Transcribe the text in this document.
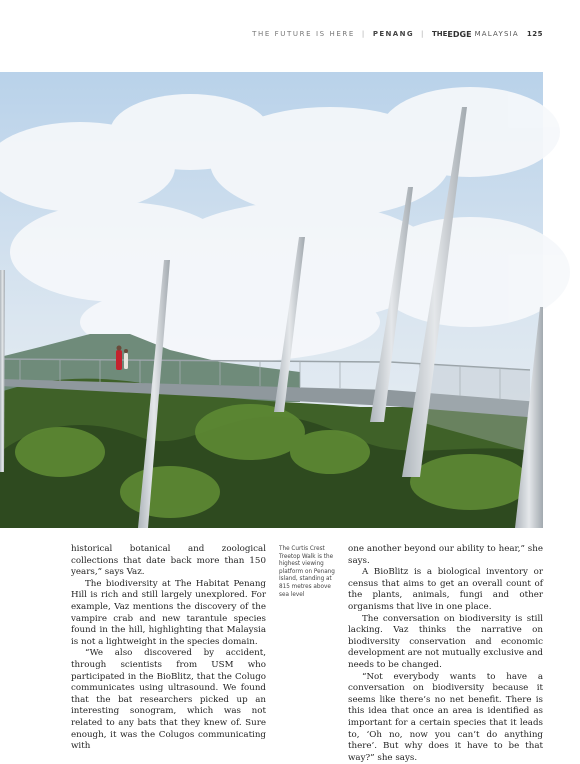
THE FUTURE IS HERE | PENANG | THE EDGE MALAYSIA 125

historical botanical and zoological collections that date back more than 150 years,” says Vaz.

The biodiversity at The Habitat Penang Hill is rich and still largely unexplored. For example, Vaz mentions the discovery of the vampire crab and new tarantule species found in the hill, highlighting that Malaysia is not a lightweight in the species domain.

“We also discovered by accident, through scientists from USM who participated in the BioBlitz, that the Colugo communicates using ultrasound. We found that the bat researchers picked up an interesting sonogram, which was not related to any bats that they knew of. Sure enough, it was the Colugos communicating with

The Curtis Crest Treetop Walk is the highest viewing platform on Penang Island, standing at 815 metres above sea level

one another beyond our ability to hear,” she says.

A BioBlitz is a biological inventory or census that aims to get an overall count of the plants, animals, fungi and other organisms that live in one place.

The conversation on biodiversity is still lacking. Vaz thinks the narrative on biodiversity conservation and economic development are not mutually exclusive and needs to be changed.

“Not everybody wants to have a conversation on biodiversity because it seems like there’s no net benefit. There is this idea that once an area is identified as important for a certain species that it leads to, ‘Oh no, now you can’t do anything there’. But why does it have to be that way?” she says.
